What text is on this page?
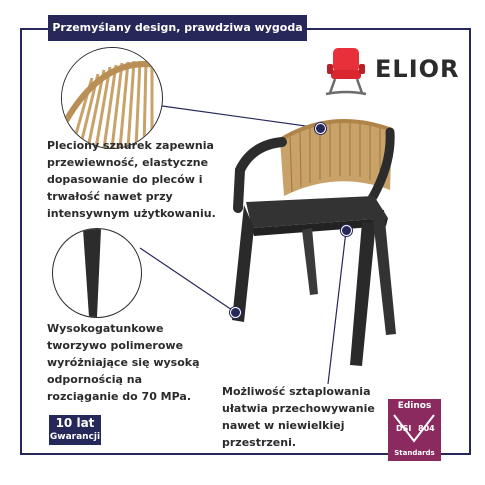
Przemyślany design, prawdziwa wygoda
ELIOR
Pleciony sznurek zapewnia przewiewność, elastyczne dopasowanie do pleców i trwałość nawet przy intensywnym użytkowaniu.
Wysokogatunkowe tworzywo polimerowe wyróżniające się wysoką odpornością na rozciąganie do 70 MPa.	Możliwość sztaplowania ułatwia przechowywanie nawet w niewielkiej przestrzeni.
10 lat
Gwarancji
Edinos
DSI 804
Standards
